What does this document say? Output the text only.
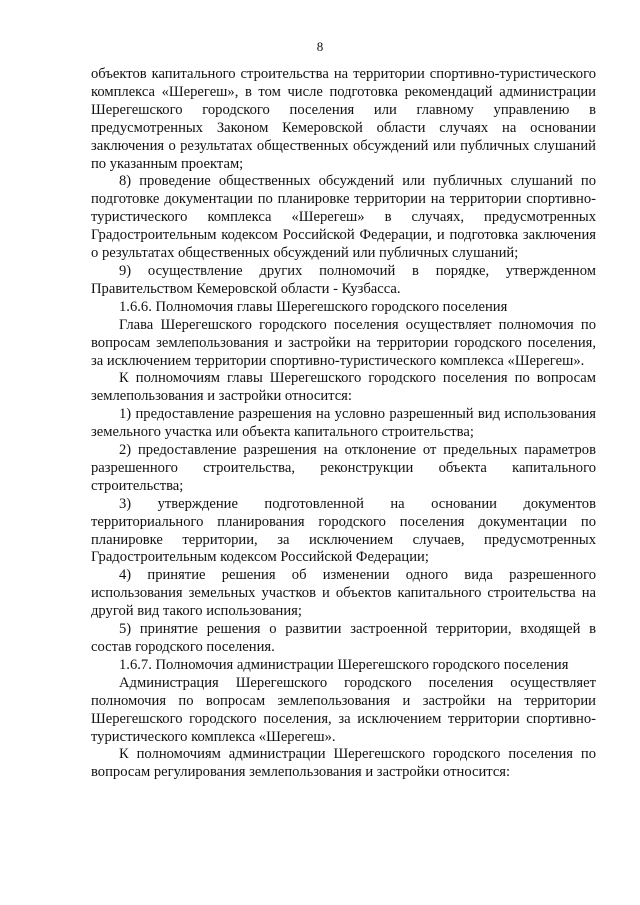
8

объектов капитального строительства на территории спортивно-туристического комплекса «Шерегеш», в том числе подготовка рекомендаций администрации Шерегешского городского поселения или главному управлению в предусмотренных Законом Кемеровской области случаях на основании заключения о результатах общественных обсуждений или публичных слушаний по указанным проектам;

8) проведение общественных обсуждений или публичных слушаний по подготовке документации по планировке территории на территории спортивно-туристического комплекса «Шерегеш» в случаях, предусмотренных Градостроительным кодексом Российской Федерации, и подготовка заключения о результатах общественных обсуждений или публичных слушаний;

9) осуществление других полномочий в порядке, утвержденном Правительством Кемеровской области - Кузбасса.

1.6.6. Полномочия главы Шерегешского городского поселения

Глава Шерегешского городского поселения осуществляет полномочия по вопросам землепользования и застройки на территории городского поселения, за исключением территории спортивно-туристического комплекса «Шерегеш».

К полномочиям главы Шерегешского городского поселения по вопросам землепользования и застройки относится:

1) предоставление разрешения на условно разрешенный вид использования земельного участка или объекта капитального строительства;

2) предоставление разрешения на отклонение от предельных параметров разрешенного строительства, реконструкции объекта капитального строительства;

3) утверждение подготовленной на основании документов территориального планирования городского поселения документации по планировке территории, за исключением случаев, предусмотренных Градостроительным кодексом Российской Федерации;

4) принятие решения об изменении одного вида разрешенного использования земельных участков и объектов капитального строительства на другой вид такого использования;

5) принятие решения о развитии застроенной территории, входящей в состав городского поселения.

1.6.7. Полномочия администрации Шерегешского городского поселения

Администрация Шерегешского городского поселения осуществляет полномочия по вопросам землепользования и застройки на территории Шерегешского городского поселения, за исключением территории спортивно-туристического комплекса «Шерегеш».

К полномочиям администрации Шерегешского городского поселения по вопросам регулирования землепользования и застройки относится:
